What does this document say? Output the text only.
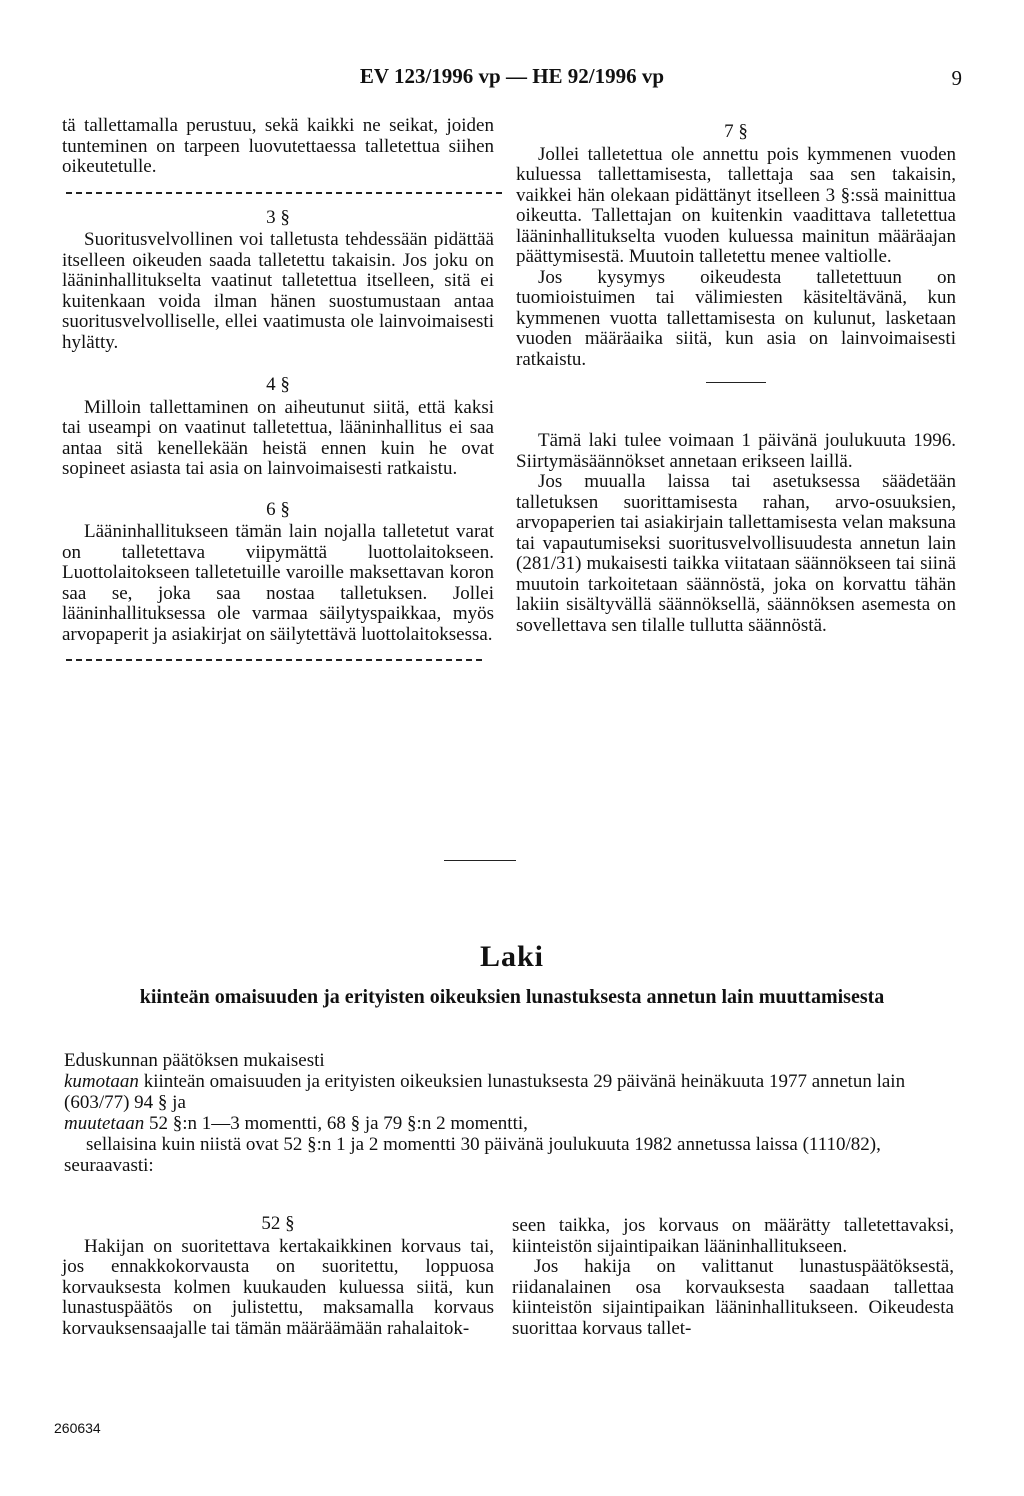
EV 123/1996 vp — HE 92/1996 vp	9

tä tallettamalla perustuu, sekä kaikki ne seikat, joiden tunteminen on tarpeen luovutettaessa talletettua siihen oikeutetulle.

3 §

Suoritusvelvollinen voi talletusta tehdessään pidättää itselleen oikeuden saada talletettu takaisin. Jos joku on lääninhallitukselta vaatinut talletettua itselleen, sitä ei kuitenkaan voida ilman hänen suostumustaan antaa suoritusvelvolliselle, ellei vaatimusta ole lainvoimaisesti hylätty.

4 §

Milloin tallettaminen on aiheutunut siitä, että kaksi tai useampi on vaatinut talletettua, lääninhallitus ei saa antaa sitä kenellekään heistä ennen kuin he ovat sopineet asiasta tai asia on lainvoimaisesti ratkaistu.

6 §

Lääninhallitukseen tämän lain nojalla talletetut varat on talletettava viipymättä luottolaitokseen. Luottolaitokseen talletetuille varoille maksettavan koron saa se, joka saa nostaa talletuksen. Jollei lääninhallituksessa ole varmaa säilytyspaikkaa, myös arvopaperit ja asiakirjat on säilytettävä luottolaitoksessa.

7 §

Jollei talletettua ole annettu pois kymmenen vuoden kuluessa tallettamisesta, tallettaja saa sen takaisin, vaikkei hän olekaan pidättänyt itselleen 3 §:ssä mainittua oikeutta. Tallettajan on kuitenkin vaadittava talletettua lääninhallitukselta vuoden kuluessa mainitun määräajan päättymisestä. Muutoin talletettu menee valtiolle.

Jos kysymys oikeudesta talletettuun on tuomioistuimen tai välimiesten käsiteltävänä, kun kymmenen vuotta tallettamisesta on kulunut, lasketaan vuoden määräaika siitä, kun asia on lainvoimaisesti ratkaistu.

Tämä laki tulee voimaan 1 päivänä joulukuuta 1996. Siirtymäsäännökset annetaan erikseen laillä.

Jos muualla laissa tai asetuksessa säädetään talletuksen suorittamisesta rahan, arvo-osuuksien, arvopaperien tai asiakirjain tallettamisesta velan maksuna tai vapautumiseksi suoritusvelvollisuudesta annetun lain (281/31) mukaisesti taikka viitataan säännökseen tai siinä muutoin tarkoitetaan säännöstä, joka on korvattu tähän lakiin sisältyvällä säännöksellä, säännöksen asemesta on sovellettava sen tilalle tullutta säännöstä.

Laki
kiinteän omaisuuden ja erityisten oikeuksien lunastuksesta annetun lain muuttamisesta

Eduskunnan päätöksen mukaisesti

kumotaan kiinteän omaisuuden ja erityisten oikeuksien lunastuksesta 29 päivänä heinäkuuta 1977 annetun lain (603/77) 94 § ja

muutetaan 52 §:n 1—3 momentti, 68 § ja 79 §:n 2 momentti,

sellaisina kuin niistä ovat 52 §:n 1 ja 2 momentti 30 päivänä joulukuuta 1982 annetussa laissa (1110/82), seuraavasti:

52 §

Hakijan on suoritettava kertakaikkinen korvaus tai, jos ennakkokorvausta on suoritettu, loppuosa korvauksesta kolmen kuukauden kuluessa siitä, kun lunastuspäätös on julistettu, maksamalla korvaus korvauksensaajalle tai tämän määräämään rahalaitok-

seen taikka, jos korvaus on määrätty talletettavaksi, kiinteistön sijaintipaikan lääninhallitukseen.

Jos hakija on valittanut lunastuspäätöksestä, riidanalainen osa korvauksesta saadaan tallettaa kiinteistön sijaintipaikan lääninhallitukseen. Oikeudesta suorittaa korvaus tallet-

260634
